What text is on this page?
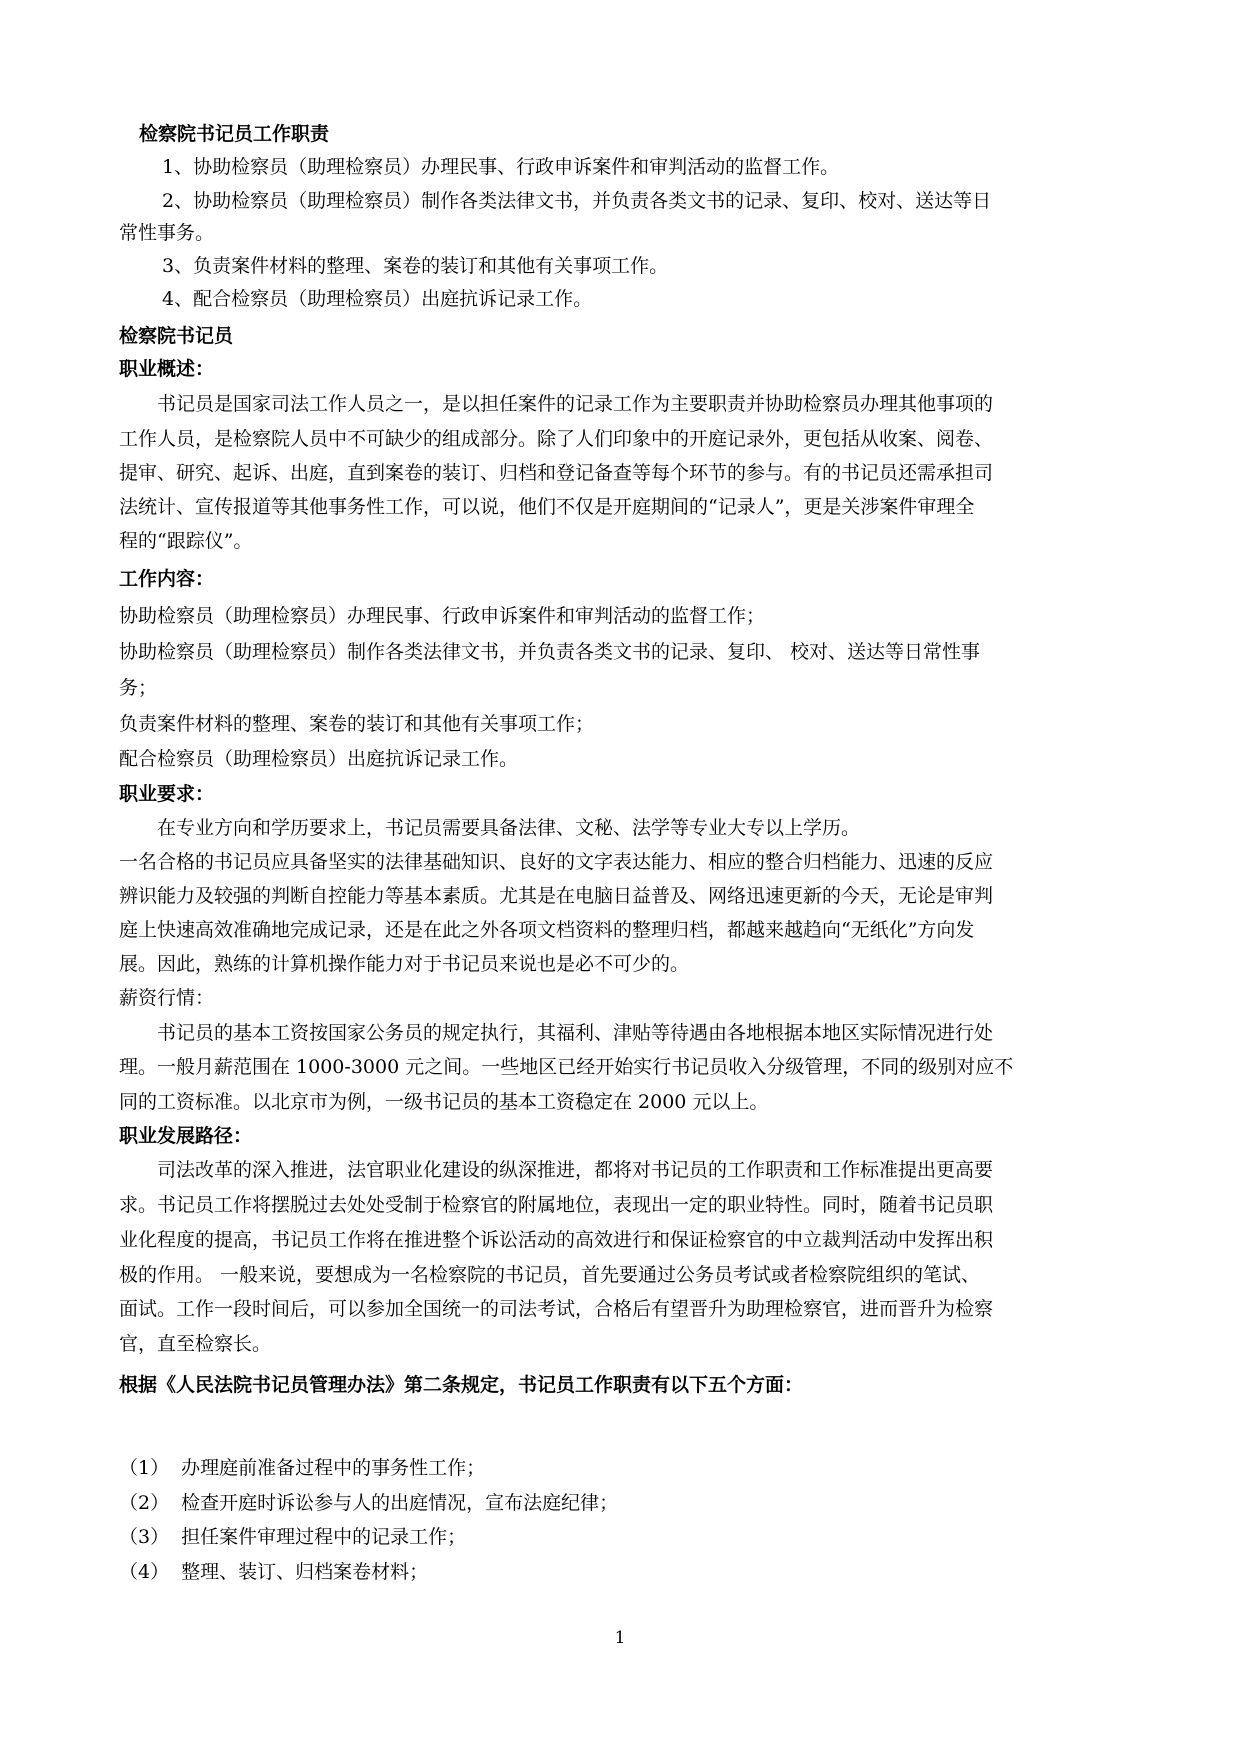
检察院书记员工作职责
1、协助检察员（助理检察员）办理民事、行政申诉案件和审判活动的监督工作。
2、协助检察员（助理检察员）制作各类法律文书，并负责各类文书的记录、复印、校对、送达等日
常性事务。
3、负责案件材料的整理、案卷的装订和其他有关事项工作。
4、配合检察员（助理检察员）出庭抗诉记录工作。
检察院书记员
职业概述：
书记员是国家司法工作人员之一，是以担任案件的记录工作为主要职责并协助检察员办理其他事项的
工作人员，是检察院人员中不可缺少的组成部分。除了人们印象中的开庭记录外，更包括从收案、阅卷、
提审、研究、起诉、出庭，直到案卷的装订、归档和登记备查等每个环节的参与。有的书记员还需承担司
法统计、宣传报道等其他事务性工作，可以说，他们不仅是开庭期间的“记录人”，更是关涉案件审理全
程的“跟踪仪”。
工作内容：
协助检察员（助理检察员）办理民事、行政申诉案件和审判活动的监督工作；
协助检察员（助理检察员）制作各类法律文书，并负责各类文书的记录、复印、 校对、送达等日常性事
务；
负责案件材料的整理、案卷的装订和其他有关事项工作；
配合检察员（助理检察员）出庭抗诉记录工作。
职业要求：
在专业方向和学历要求上，书记员需要具备法律、文秘、法学等专业大专以上学历。
一名合格的书记员应具备坚实的法律基础知识、良好的文字表达能力、相应的整合归档能力、迅速的反应
辨识能力及较强的判断自控能力等基本素质。尤其是在电脑日益普及、网络迅速更新的今天，无论是审判
庭上快速高效准确地完成记录，还是在此之外各项文档资料的整理归档，都越来越趋向“无纸化”方向发
展。因此，熟练的计算机操作能力对于书记员来说也是必不可少的。
薪资行情：
书记员的基本工资按国家公务员的规定执行，其福利、津贴等待遇由各地根据本地区实际情况进行处
理。一般月薪范围在 1000-3000 元之间。一些地区已经开始实行书记员收入分级管理，不同的级别对应不
同的工资标准。以北京市为例，一级书记员的基本工资稳定在 2000 元以上。
职业发展路径：
司法改革的深入推进，法官职业化建设的纵深推进，都将对书记员的工作职责和工作标准提出更高要
求。书记员工作将摆脱过去处处受制于检察官的附属地位，表现出一定的职业特性。同时，随着书记员职
业化程度的提高，书记员工作将在推进整个诉讼活动的高效进行和保证检察官的中立裁判活动中发挥出积
极的作用。 一般来说，要想成为一名检察院的书记员，首先要通过公务员考试或者检察院组织的笔试、
面试。工作一段时间后，可以参加全国统一的司法考试，合格后有望晋升为助理检察官，进而晋升为检察
官，直至检察长。
根据《人民法院书记员管理办法》第二条规定，书记员工作职责有以下五个方面：
（1） 办理庭前准备过程中的事务性工作；
（2） 检查开庭时诉讼参与人的出庭情况，宣布法庭纪律；
（3） 担任案件审理过程中的记录工作；
（4） 整理、装订、归档案卷材料；
1
